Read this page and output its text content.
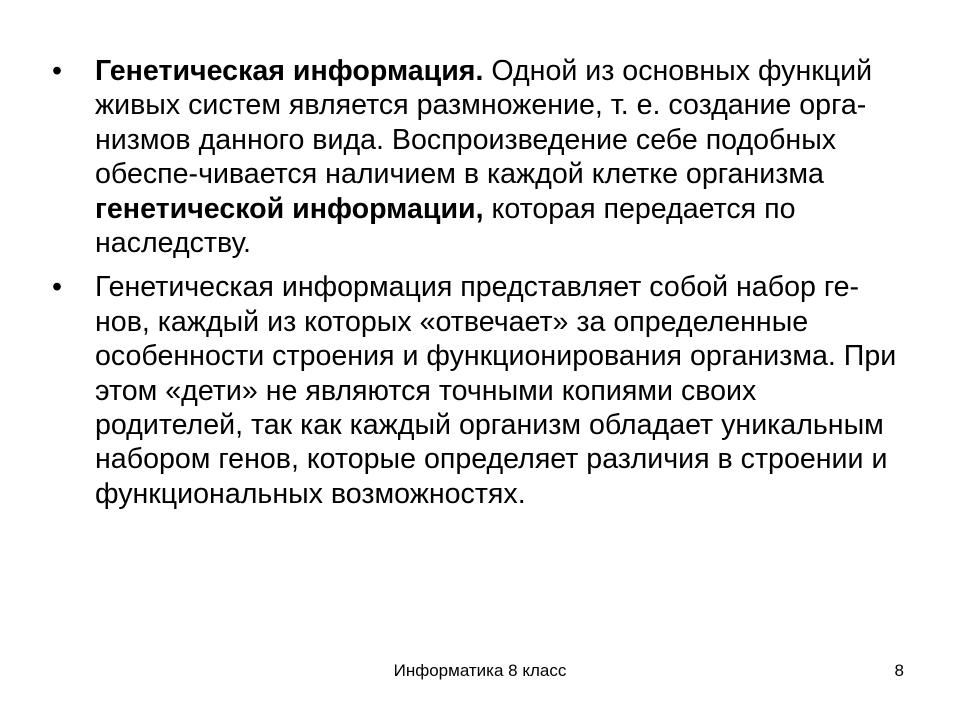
•	Генетическая информация. Одной из основных функций живых систем является размножение, т. е. создание орга-низмов данного вида. Воспроизведение себе подобных обеспе-чивается наличием в каждой клетке организма генетической информации, которая передается по наследству.
•	Генетическая информация представляет собой набор ге-нов, каждый из которых «отвечает» за определенные особенности строения и функционирования организма. При этом «дети» не являются точными копиями своих родителей, так как каждый организм обладает уникальным набором генов, которые определяет различия в строении и функциональных возможностях.
Информатика 8 класс	8
